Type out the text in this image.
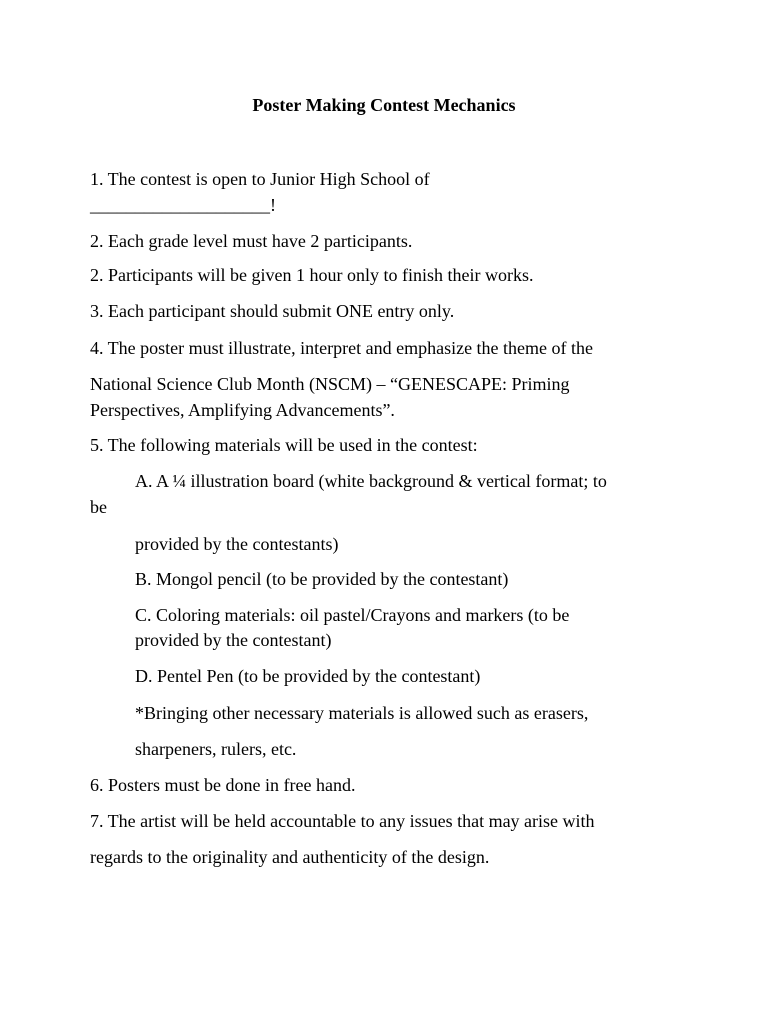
Poster Making Contest Mechanics

1. The contest is open to Junior High School of

____________________!

2. Each grade level must have 2 participants.

2. Participants will be given 1 hour only to finish their works.

3. Each participant should submit ONE entry only.

4. The poster must illustrate, interpret and emphasize the theme of the

National Science Club Month (NSCM) – “GENESCAPE: Priming

Perspectives, Amplifying Advancements”.

5. The following materials will be used in the contest:

A. A ¼ illustration board (white background & vertical format; to

be

provided by the contestants)

B. Mongol pencil (to be provided by the contestant)

C. Coloring materials: oil pastel/Crayons and markers (to be

provided by the contestant)

D. Pentel Pen (to be provided by the contestant)

*Bringing other necessary materials is allowed such as erasers,

sharpeners, rulers, etc.

6. Posters must be done in free hand.

7. The artist will be held accountable to any issues that may arise with

regards to the originality and authenticity of the design.
